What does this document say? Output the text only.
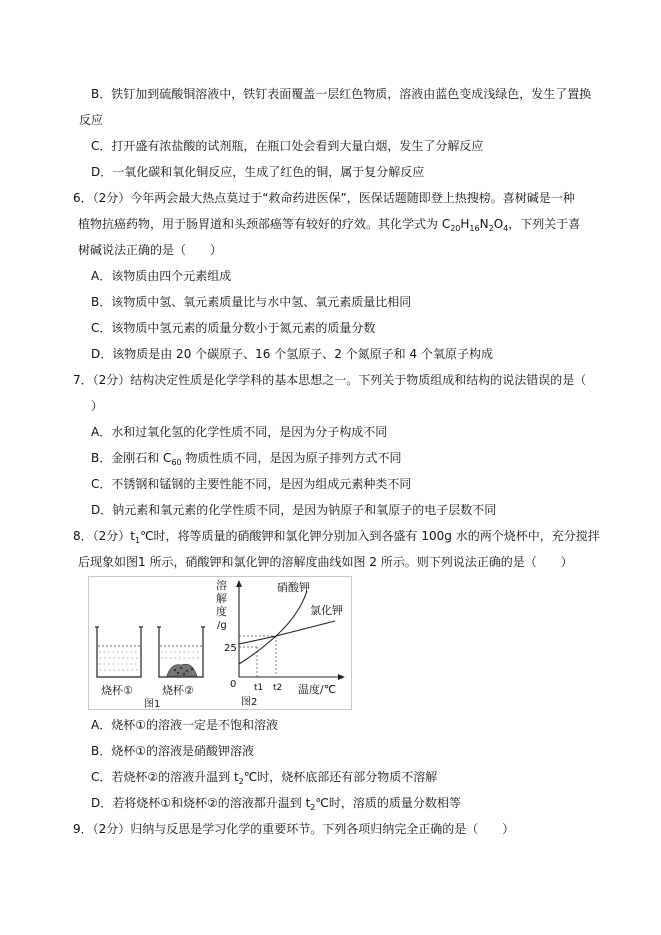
B．铁钉加到硫酸铜溶液中，铁钉表面覆盖一层红色物质，溶液由蓝色变成浅绿色，发生了置换
反应
C．打开盛有浓盐酸的试剂瓶，在瓶口处会看到大量白烟，发生了分解反应
D．一氧化碳和氧化铜反应，生成了红色的铜，属于复分解反应
6．（2分）今年两会最大热点莫过于“救命药进医保”，医保话题随即登上热搜榜。喜树碱是一种
植物抗癌药物，用于肠胃道和头颈部癌等有较好的疗效。其化学式为 $C_{20}H_{16}N_2O_4$，下列关于喜
树碱说法正确的是（　　）
A．该物质由四个元素组成
B．该物质中氢、氧元素质量比与水中氢、氧元素质量比相同
C．该物质中氢元素的质量分数小于氮元素的质量分数
D．该物质是由 20 个碳原子、16 个氢原子、2 个氮原子和 4 个氧原子构成
7．（2分）结构决定性质是化学学科的基本思想之一。下列关于物质组成和结构的说法错误的是（
）
A．水和过氧化氢的化学性质不同，是因为分子构成不同
B．金刚石和 $C_{60}$ 物质性质不同，是因为原子排列方式不同
C．不锈钢和锰钢的主要性能不同，是因为组成元素种类不同
D．钠元素和氧元素的化学性质不同，是因为钠原子和氧原子的电子层数不同
8．（2分）$t_1℃$时，将等质量的硝酸钾和氯化钾分别加入到各盛有 100g 水的两个烧杯中，充分搅拌
后现象如图1 所示，硝酸钾和氯化钾的溶解度曲线如图 2 所示。则下列说法正确的是（　　）
烧杯①	烧杯②
图1
溶
解
度
/g
25
0 t1 t2 温度/℃
图2
硝酸钾
氯化钾
A．烧杯①的溶液一定是不饱和溶液
B．烧杯①的溶液是硝酸钾溶液
C．若烧杯②的溶液升温到 $t_2℃$时，烧杯底部还有部分物质不溶解
D．若将烧杯①和烧杯②的溶液都升温到 $t_2℃$时，溶质的质量分数相等
9．（2分）归纳与反思是学习化学的重要环节。下列各项归纳完全正确的是（　　）
